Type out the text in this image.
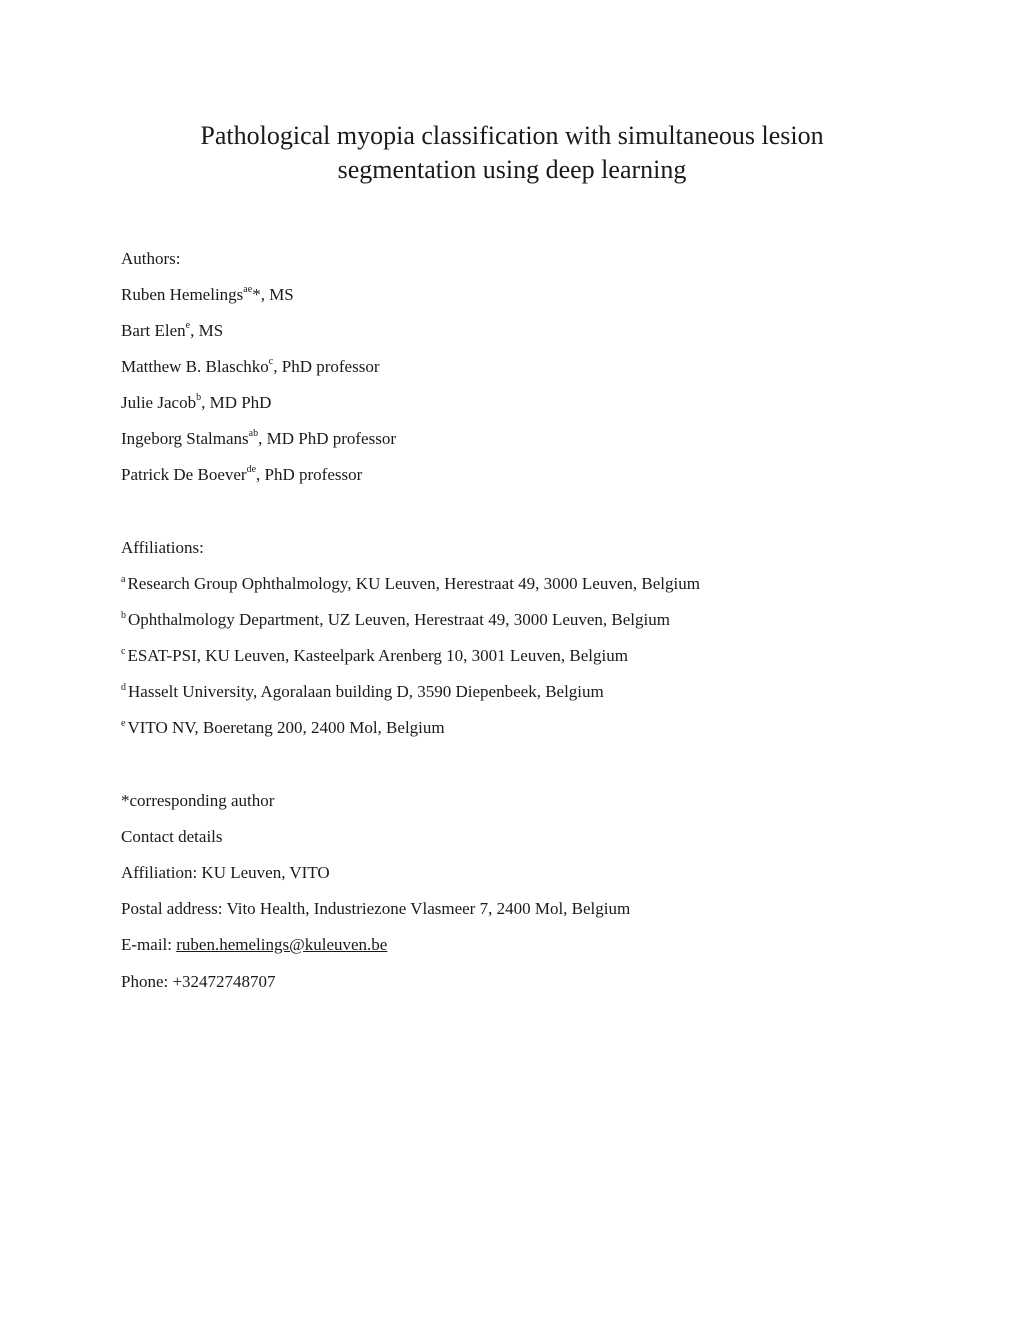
Pathological myopia classification with simultaneous lesion
segmentation using deep learning
Authors:
Ruben Hemelings$^{ae}$*, MS
Bart Elen$^e$, MS
Matthew B. Blaschko$^c$, PhD professor
Julie Jacob$^b$, MD PhD
Ingeborg Stalmans$^{ab}$, MD PhD professor
Patrick De Boever$^{de}$, PhD professor
Affiliations:
$^a$ Research Group Ophthalmology, KU Leuven, Herestraat 49, 3000 Leuven, Belgium
$^b$ Ophthalmology Department, UZ Leuven, Herestraat 49, 3000 Leuven, Belgium
$^c$ ESAT-PSI, KU Leuven, Kasteelpark Arenberg 10, 3001 Leuven, Belgium
$^d$ Hasselt University, Agoralaan building D, 3590 Diepenbeek, Belgium
$^e$ VITO NV, Boeretang 200, 2400 Mol, Belgium
*corresponding author
Contact details
Affiliation: KU Leuven, VITO
Postal address: Vito Health, Industriezone Vlasmeer 7, 2400 Mol, Belgium
E-mail: ruben.hemelings@kuleuven.be
Phone: +32472748707
